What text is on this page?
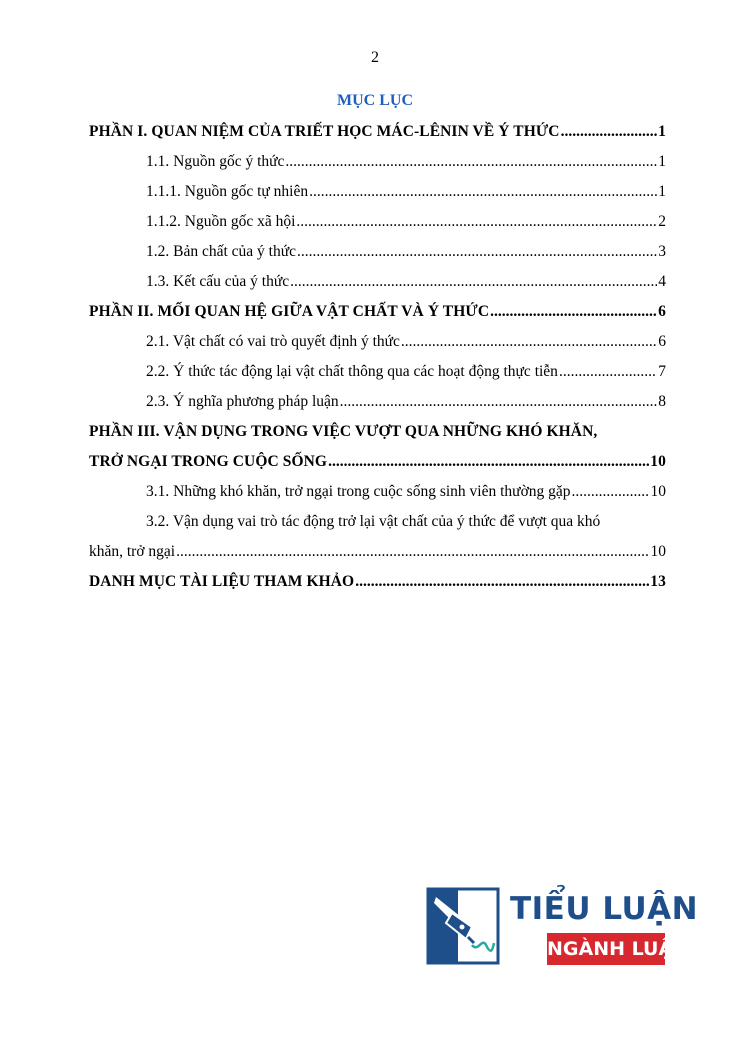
2
MỤC LỤC
PHẦN I. QUAN NIỆM CỦA TRIẾT HỌC MÁC-LÊNIN VỀ Ý THỨC .....	1
1.1. Nguồn gốc ý thức .....	1
1.1.1. Nguồn gốc tự nhiên .....	1
1.1.2. Nguồn gốc xã hội .....	2
1.2. Bản chất của ý thức .....	3
1.3. Kết cấu của ý thức .....	4
PHẦN II. MỐI QUAN HỆ GIỮA VẬT CHẤT VÀ Ý THỨC .....	6
2.1. Vật chất có vai trò quyết định ý thức .....	6
2.2. Ý thức tác động lại vật chất thông qua các hoạt động thực tiễn .....	7
2.3. Ý nghĩa phương pháp luận .....	8
PHẦN III. VẬN DỤNG TRONG VIỆC VƯỢT QUA NHỮNG KHÓ KHĂN,
TRỞ NGẠI TRONG CUỘC SỐNG .....	10
3.1. Những khó khăn, trở ngại trong cuộc sống sinh viên thường gặp .....	10
3.2. Vận dụng vai trò tác động trở lại vật chất của ý thức để vượt qua khó
khăn, trở ngại .....	10
DANH MỤC TÀI LIỆU THAM KHẢO .....	13
TIỂU LUẬN
NGÀNH LUẬT
